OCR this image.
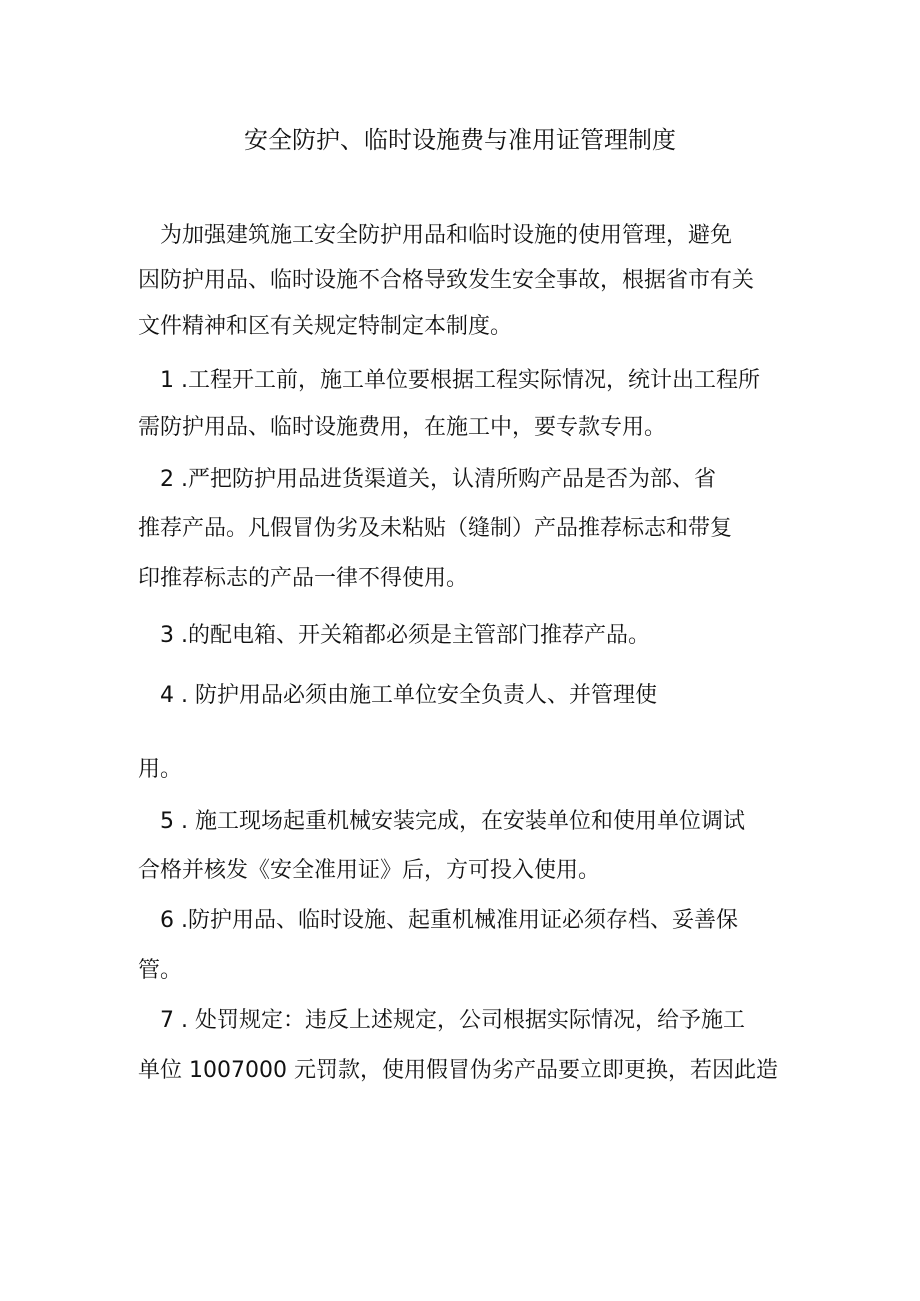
安全防护、临时设施费与准用证管理制度
为加强建筑施工安全防护用品和临时设施的使用管理，避免
因防护用品、临时设施不合格导致发生安全事故，根据省市有关
文件精神和区有关规定特制定本制度。
1 .工程开工前，施工单位要根据工程实际情况，统计出工程所
需防护用品、临时设施费用，在施工中，要专款专用。
2 .严把防护用品进货渠道关，认清所购产品是否为部、省
推荐产品。凡假冒伪劣及未粘贴（缝制）产品推荐标志和带复
印推荐标志的产品一律不得使用。
3 .的配电箱、开关箱都必须是主管部门推荐产品。
4 . 防护用品必须由施工单位安全负责人、并管理使
用。
5 . 施工现场起重机械安装完成，在安装单位和使用单位调试
合格并核发《安全准用证》后，方可投入使用。
6 .防护用品、临时设施、起重机械准用证必须存档、妥善保
管。
7 . 处罚规定：违反上述规定，公司根据实际情况，给予施工
单位 1007000 元罚款，使用假冒伪劣产品要立即更换，若因此造
